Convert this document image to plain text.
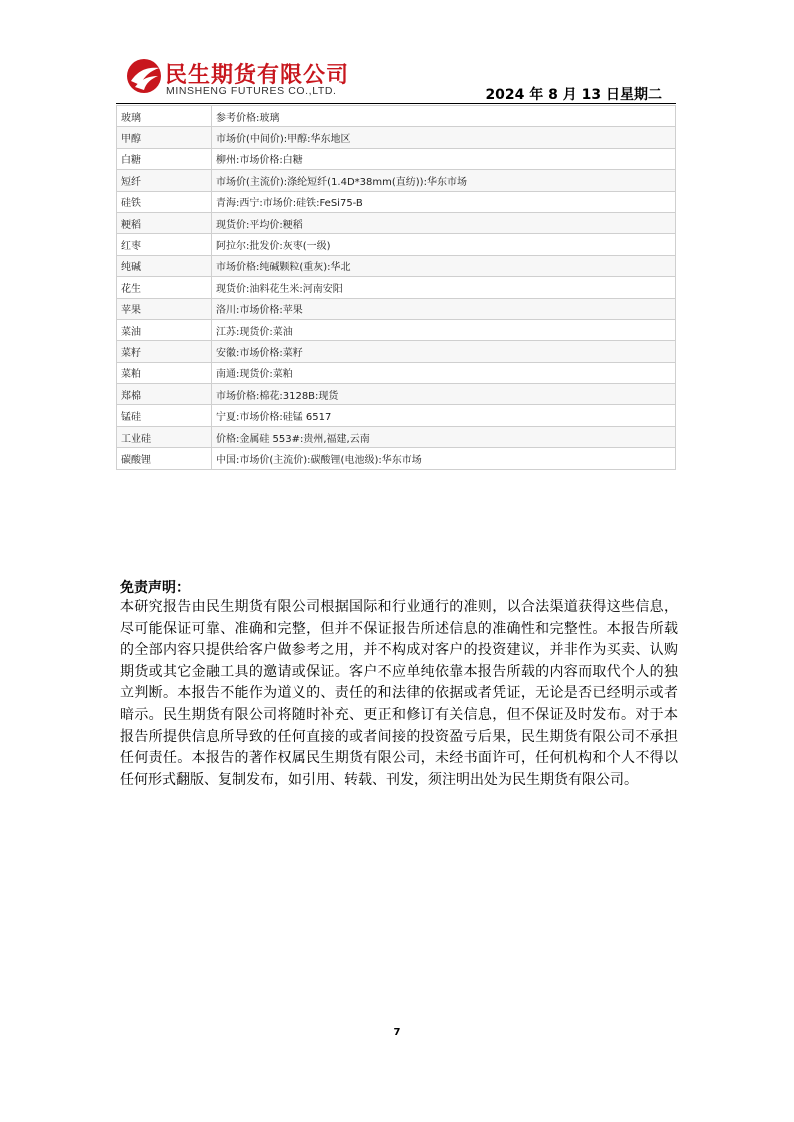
民生期货有限公司
MINSHENG FUTURES CO.,LTD.	2024 年 8 月 13 日星期二
玻璃	参考价格:玻璃
甲醇	市场价(中间价):甲醇:华东地区
白糖	柳州:市场价格:白糖
短纤	市场价(主流价):涤纶短纤(1.4D*38mm(直纺)):华东市场
硅铁	青海:西宁:市场价:硅铁:FeSi75-B
粳稻	现货价:平均价:粳稻
红枣	阿拉尔:批发价:灰枣(一级)
纯碱	市场价格:纯碱颗粒(重灰):华北
花生	现货价:油料花生米:河南安阳
苹果	洛川:市场价格:苹果
菜油	江苏:现货价:菜油
菜籽	安徽:市场价格:菜籽
菜粕	南通:现货价:菜粕
郑棉	市场价格:棉花:3128B:现货
锰硅	宁夏:市场价格:硅锰 6517
工业硅	价格:金属硅 553#:贵州,福建,云南
碳酸锂	中国:市场价(主流价):碳酸锂(电池级):华东市场
免责声明：
本研究报告由民生期货有限公司根据国际和行业通行的准则，以合法渠道获得这些信息，尽可能保证可靠、准确和完整，但并不保证报告所述信息的准确性和完整性。本报告所载的全部内容只提供给客户做参考之用，并不构成对客户的投资建议，并非作为买卖、认购期货或其它金融工具的邀请或保证。客户不应单纯依靠本报告所载的内容而取代个人的独立判断。本报告不能作为道义的、责任的和法律的依据或者凭证，无论是否已经明示或者暗示。民生期货有限公司将随时补充、更正和修订有关信息，但不保证及时发布。对于本报告所提供信息所导致的任何直接的或者间接的投资盈亏后果，民生期货有限公司不承担任何责任。本报告的著作权属民生期货有限公司，未经书面许可，任何机构和个人不得以任何形式翻版、复制发布，如引用、转载、刊发，须注明出处为民生期货有限公司。
7
